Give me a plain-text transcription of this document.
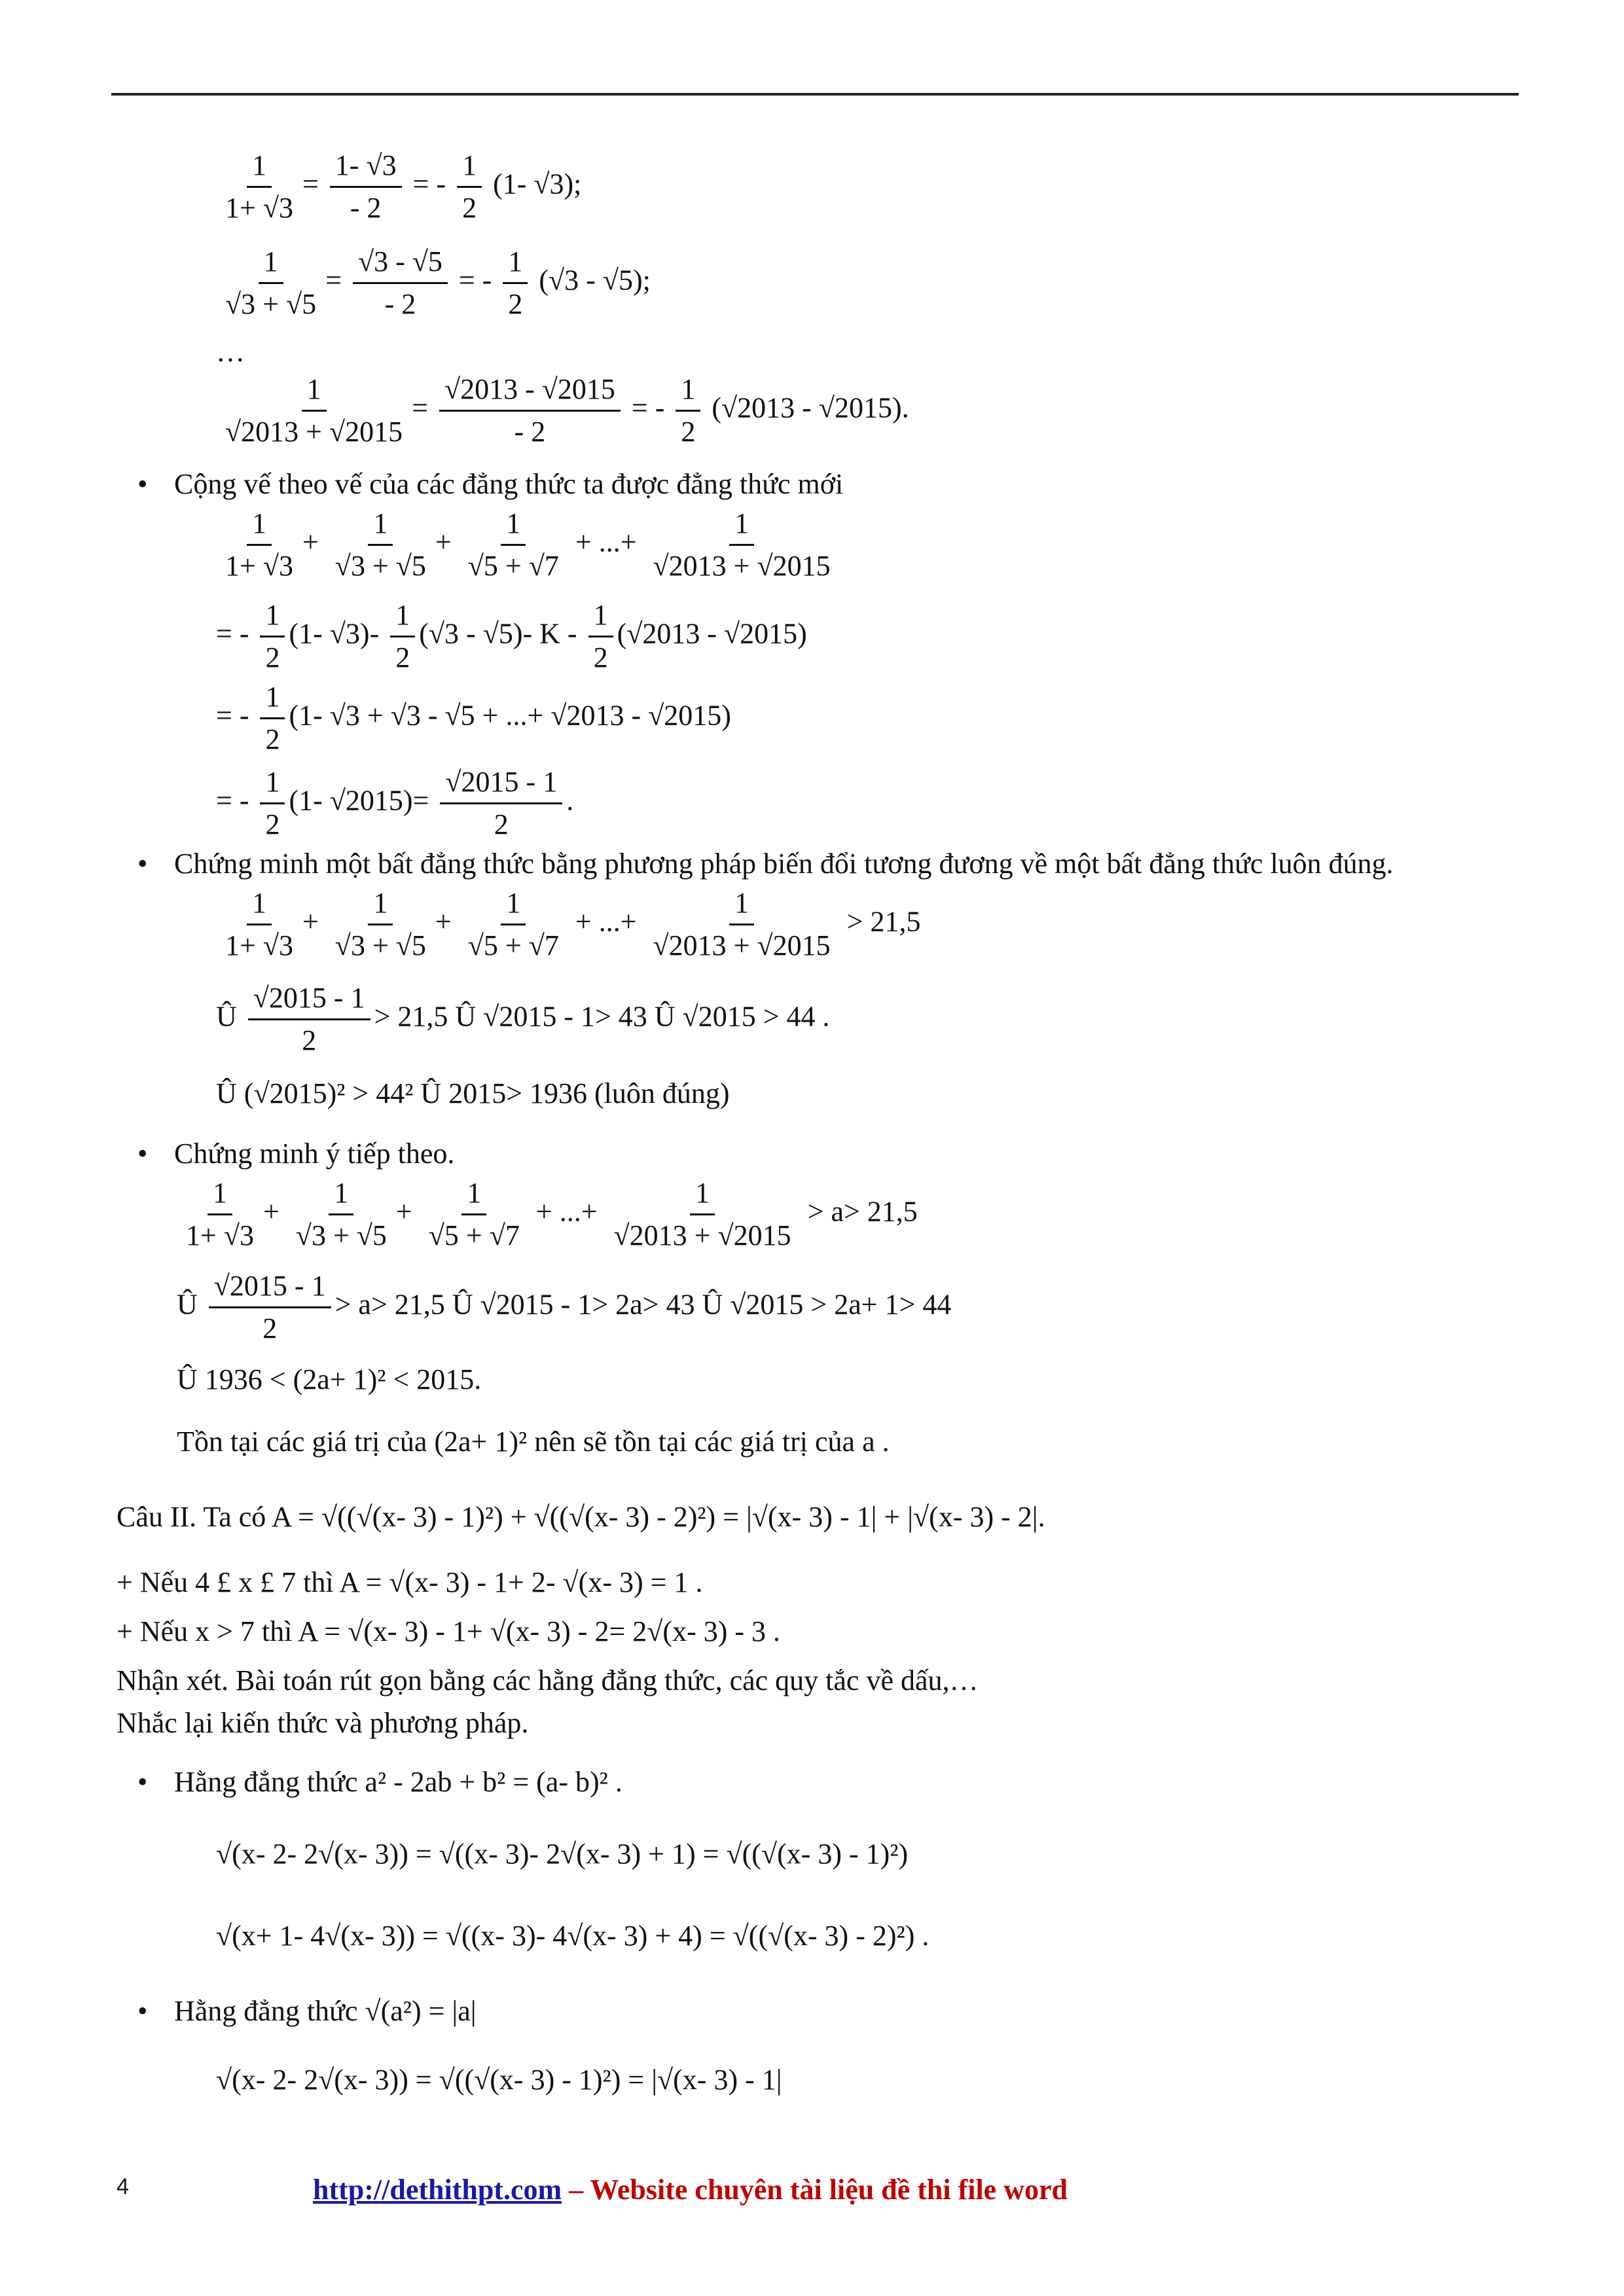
$\frac{1}{1+ √3} = \frac{1- √3}{- 2}$ = - $\frac{1}{2} (1-$ √3);
$\frac{1}{√3 + √5} = \frac{√3 - √5}{- 2}$ = - $\frac{1}{2} (√3 - √5)$;
…
$\frac{1}{√2013 + √2015} = \frac{√2013 - √2015}{- 2}$ = - $\frac{1}{2} (√2013 - √2015)$.
• Cộng vế theo vế của các đẳng thức ta được đẳng thức mới
$\frac{1}{1+ √3} + \frac{1}{√3 + √5} + \frac{1}{√5 + √7}$ + ...+ $\frac{1}{√2013 + √2015}$
= - $\frac{1}{2} (1-$ $√3)- \frac{1}{2} (√3 - √5)-$ K - $\frac{1}{2} (√2013 - √2015)$
= - $\frac{1}{2} (1-$ √3 + √3 - √5 + ...+ √2013 - √2015)
= - $\frac{1}{2} (1-$ $√2015)= \frac{√2015 - 1}{2}$ .
• Chứng minh một bất đẳng thức bằng phương pháp biến đổi tương đương về một bất đẳng thức luôn đúng.
$\frac{1}{1+ √3} + \frac{1}{√3 + √5} + \frac{1}{√5 + √7}$ + ...+ $\frac{1}{√2013 + √2015} > 21,5$
Û $\frac{√2015 - 1}{2} > 21,5$ Û √2015 - 1> 43 Û √2015 > 44 .
Û (√2015)² > 44² Û 2015> 1936 (luôn đúng)
• Chứng minh ý tiếp theo.
$\frac{1}{1+ √3} + \frac{1}{√3 + √5} + \frac{1}{√5 + √7}$ + ...+ $\frac{1}{√2013 + √2015} > a> 21,5$
Û $\frac{√2015 - 1}{2} > a> 21,5$ Û √2015 - 1> 2a> 43 Û √2015 > 2a+ 1> 44
Û 1936 < (2a+ 1)² < 2015.
Tồn tại các giá trị của (2a+ 1)² nên sẽ tồn tại các giá trị của a .
Câu II. Ta có A = √((√(x- 3) - 1)²) + √((√(x- 3) - 2)²) = |√(x- 3) - 1| + |√(x- 3) - 2|.
+ Nếu 4 £ x £ 7 thì A = √(x- 3) - 1+ 2- √(x- 3) = 1 .
+ Nếu x > 7 thì A = √(x- 3) - 1+ √(x- 3) - 2= 2√(x- 3) - 3 .
Nhận xét. Bài toán rút gọn bằng các hằng đẳng thức, các quy tắc về dấu,…
Nhắc lại kiến thức và phương pháp.
• Hằng đẳng thức a² - 2ab + b² = (a- b)² .
√(x- 2- 2√(x- 3)) = √((x- 3)- 2√(x- 3) + 1) = √((√(x- 3) - 1)²)
√(x+ 1- 4√(x- 3)) = √((x- 3)- 4√(x- 3) + 4) = √((√(x- 3) - 2)²) .
• Hằng đẳng thức √(a²) = |a|
√(x- 2- 2√(x- 3)) = √((√(x- 3) - 1)²) = |√(x- 3) - 1|
4	http://dethithpt.com – Website chuyên tài liệu đề thi file word
